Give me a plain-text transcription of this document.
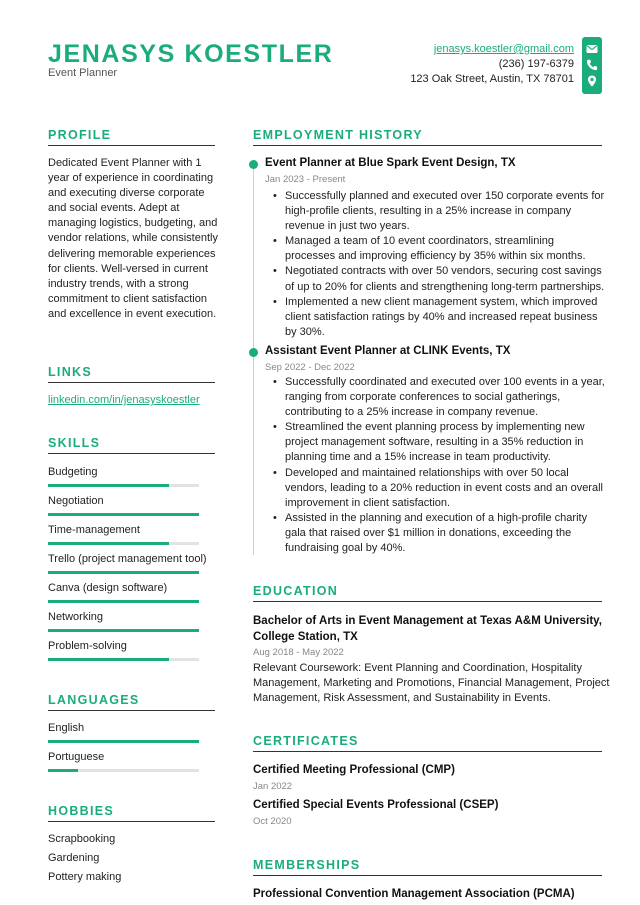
JENASYS KOESTLER
Event Planner
jenasys.koestler@gmail.com
(236) 197-6379
123 Oak Street, Austin, TX 78701
PROFILE
Dedicated Event Planner with 1 year of experience in coordinating and executing diverse corporate and social events. Adept at managing logistics, budgeting, and vendor relations, while consistently delivering memorable experiences for clients. Well-versed in current industry trends, with a strong commitment to client satisfaction and excellence in event execution.
LINKS
linkedin.com/in/jenasyskoestler
SKILLS
Budgeting
Negotiation
Time-management
Trello (project management tool)
Canva (design software)
Networking
Problem-solving
LANGUAGES
English
Portuguese
HOBBIES
Scrapbooking
Gardening
Pottery making
EMPLOYMENT HISTORY
Event Planner at Blue Spark Event Design, TX
Jan 2023 - Present
• Successfully planned and executed over 150 corporate events for high-profile clients, resulting in a 25% increase in company revenue in just two years.
• Managed a team of 10 event coordinators, streamlining processes and improving efficiency by 35% within six months.
• Negotiated contracts with over 50 vendors, securing cost savings of up to 20% for clients and strengthening long-term partnerships.
• Implemented a new client management system, which improved client satisfaction ratings by 40% and increased repeat business by 30%.
Assistant Event Planner at CLINK Events, TX
Sep 2022 - Dec 2022
• Successfully coordinated and executed over 100 events in a year, ranging from corporate conferences to social gatherings, contributing to a 25% increase in company revenue.
• Streamlined the event planning process by implementing new project management software, resulting in a 35% reduction in planning time and a 15% increase in team productivity.
• Developed and maintained relationships with over 50 local vendors, leading to a 20% reduction in event costs and an overall improvement in client satisfaction.
• Assisted in the planning and execution of a high-profile charity gala that raised over $1 million in donations, exceeding the fundraising goal by 40%.
EDUCATION
Bachelor of Arts in Event Management at Texas A&M University, College Station, TX
Aug 2018 - May 2022
Relevant Coursework: Event Planning and Coordination, Hospitality Management, Marketing and Promotions, Financial Management, Project Management, Risk Assessment, and Sustainability in Events.
CERTIFICATES
Certified Meeting Professional (CMP)
Jan 2022
Certified Special Events Professional (CSEP)
Oct 2020
MEMBERSHIPS
Professional Convention Management Association (PCMA)
